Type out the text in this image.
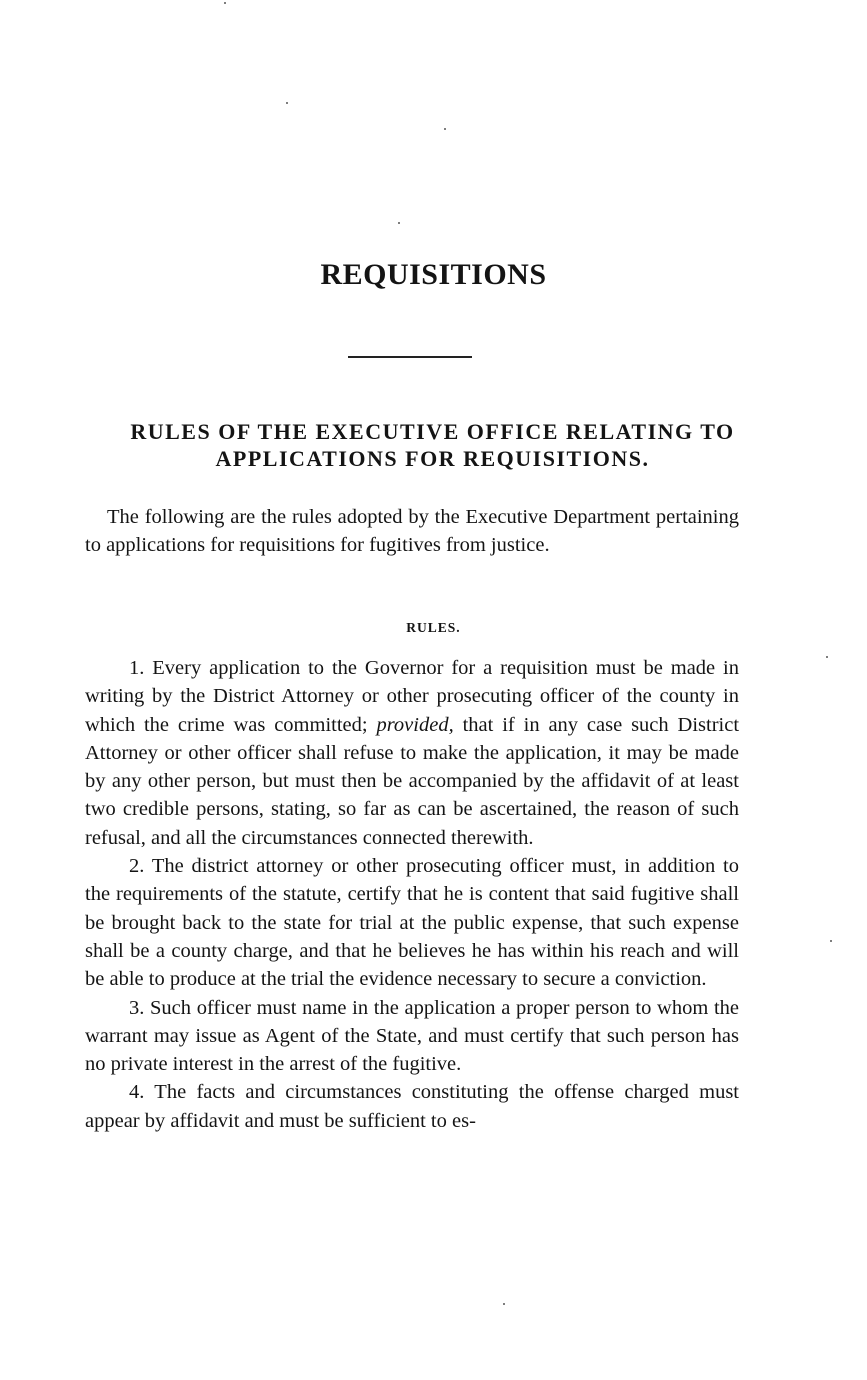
REQUISITIONS
RULES OF THE EXECUTIVE OFFICE RELATING TO
APPLICATIONS FOR REQUISITIONS.

The following are the rules adopted by the Executive Department pertaining to applications for requisitions for fugitives from justice.

RULES.

1. Every application to the Governor for a requisition must be made in writing by the District Attorney or other prosecuting officer of the county in which the crime was committed; provided, that if in any case such District Attorney or other officer shall refuse to make the application, it may be made by any other person, but must then be accompanied by the affidavit of at least two credible persons, stating, so far as can be ascertained, the reason of such refusal, and all the circumstances connected therewith.

2. The district attorney or other prosecuting officer must, in addition to the requirements of the statute, certify that he is content that said fugitive shall be brought back to the state for trial at the public expense, that such expense shall be a county charge, and that he believes he has within his reach and will be able to produce at the trial the evidence necessary to secure a conviction.

3. Such officer must name in the application a proper person to whom the warrant may issue as Agent of the State, and must certify that such person has no private interest in the arrest of the fugitive.

4. The facts and circumstances constituting the offense charged must appear by affidavit and must be sufficient to es-
